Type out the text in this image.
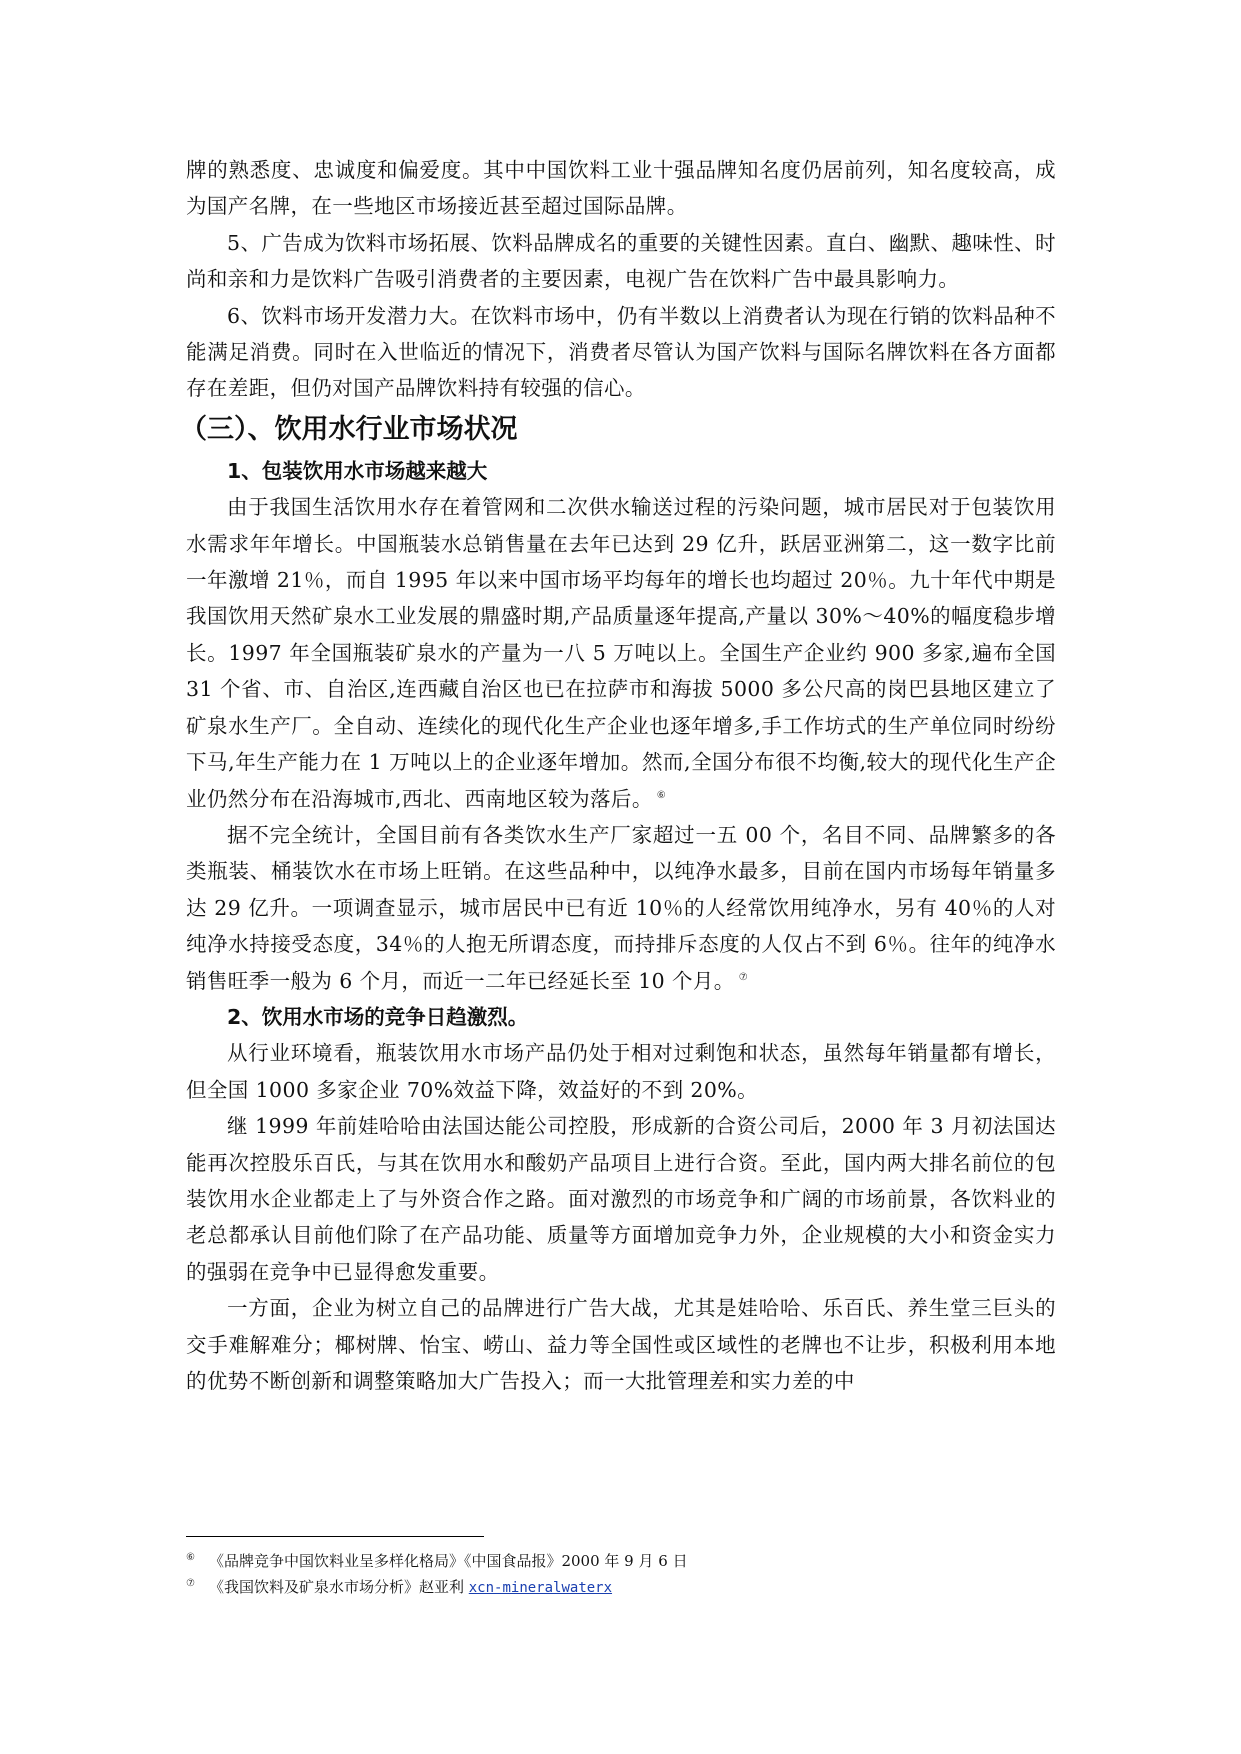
牌的熟悉度、忠诚度和偏爱度。其中中国饮料工业十强品牌知名度仍居前列，知名度较高，成为国产名牌，在一些地区市场接近甚至超过国际品牌。

5、广告成为饮料市场拓展、饮料品牌成名的重要的关键性因素。直白、幽默、趣味性、时尚和亲和力是饮料广告吸引消费者的主要因素，电视广告在饮料广告中最具影响力。

6、饮料市场开发潜力大。在饮料市场中，仍有半数以上消费者认为现在行销的饮料品种不能满足消费。同时在入世临近的情况下，消费者尽管认为国产饮料与国际名牌饮料在各方面都存在差距，但仍对国产品牌饮料持有较强的信心。

（三）、饮用水行业市场状况

1、包装饮用水市场越来越大

由于我国生活饮用水存在着管网和二次供水输送过程的污染问题，城市居民对于包装饮用水需求年年增长。中国瓶装水总销售量在去年已达到 29 亿升，跃居亚洲第二，这一数字比前一年激增 21％，而自 1995 年以来中国市场平均每年的增长也均超过 20％。九十年代中期是我国饮用天然矿泉水工业发展的鼎盛时期,产品质量逐年提高,产量以 30%～40%的幅度稳步增长。1997 年全国瓶装矿泉水的产量为一八 5 万吨以上。全国生产企业约 900 多家,遍布全国 31 个省、市、自治区,连西藏自治区也已在拉萨市和海拔 5000 多公尺高的岗巴县地区建立了矿泉水生产厂。全自动、连续化的现代化生产企业也逐年增多,手工作坊式的生产单位同时纷纷下马,年生产能力在 1 万吨以上的企业逐年增加。然而,全国分布很不均衡,较大的现代化生产企业仍然分布在沿海城市,西北、西南地区较为落后。 ⑥

据不完全统计，全国目前有各类饮水生产厂家超过一五 00 个，名目不同、品牌繁多的各类瓶装、桶装饮水在市场上旺销。在这些品种中，以纯净水最多，目前在国内市场每年销量多达 29 亿升。一项调查显示，城市居民中已有近 10％的人经常饮用纯净水，另有 40％的人对纯净水持接受态度，34％的人抱无所谓态度，而持排斥态度的人仅占不到 6％。往年的纯净水销售旺季一般为 6 个月，而近一二年已经延长至 10 个月。 ⑦

2、饮用水市场的竞争日趋激烈。

从行业环境看，瓶装饮用水市场产品仍处于相对过剩饱和状态，虽然每年销量都有增长，但全国 1000 多家企业 70%效益下降，效益好的不到 20%。

继 1999 年前娃哈哈由法国达能公司控股，形成新的合资公司后，2000 年 3 月初法国达能再次控股乐百氏，与其在饮用水和酸奶产品项目上进行合资。至此，国内两大排名前位的包装饮用水企业都走上了与外资合作之路。面对激烈的市场竞争和广阔的市场前景，各饮料业的老总都承认目前他们除了在产品功能、质量等方面增加竞争力外，企业规模的大小和资金实力的强弱在竞争中已显得愈发重要。

一方面，企业为树立自己的品牌进行广告大战，尤其是娃哈哈、乐百氏、养生堂三巨头的交手难解难分；椰树牌、怡宝、崂山、益力等全国性或区域性的老牌也不让步，积极利用本地的优势不断创新和调整策略加大广告投入；而一大批管理差和实力差的中

⑥ 《品牌竞争中国饮料业呈多样化格局》《中国食品报》2000 年 9 月 6 日

⑦ 《我国饮料及矿泉水市场分析》赵亚利 xcn-mineralwaterx
